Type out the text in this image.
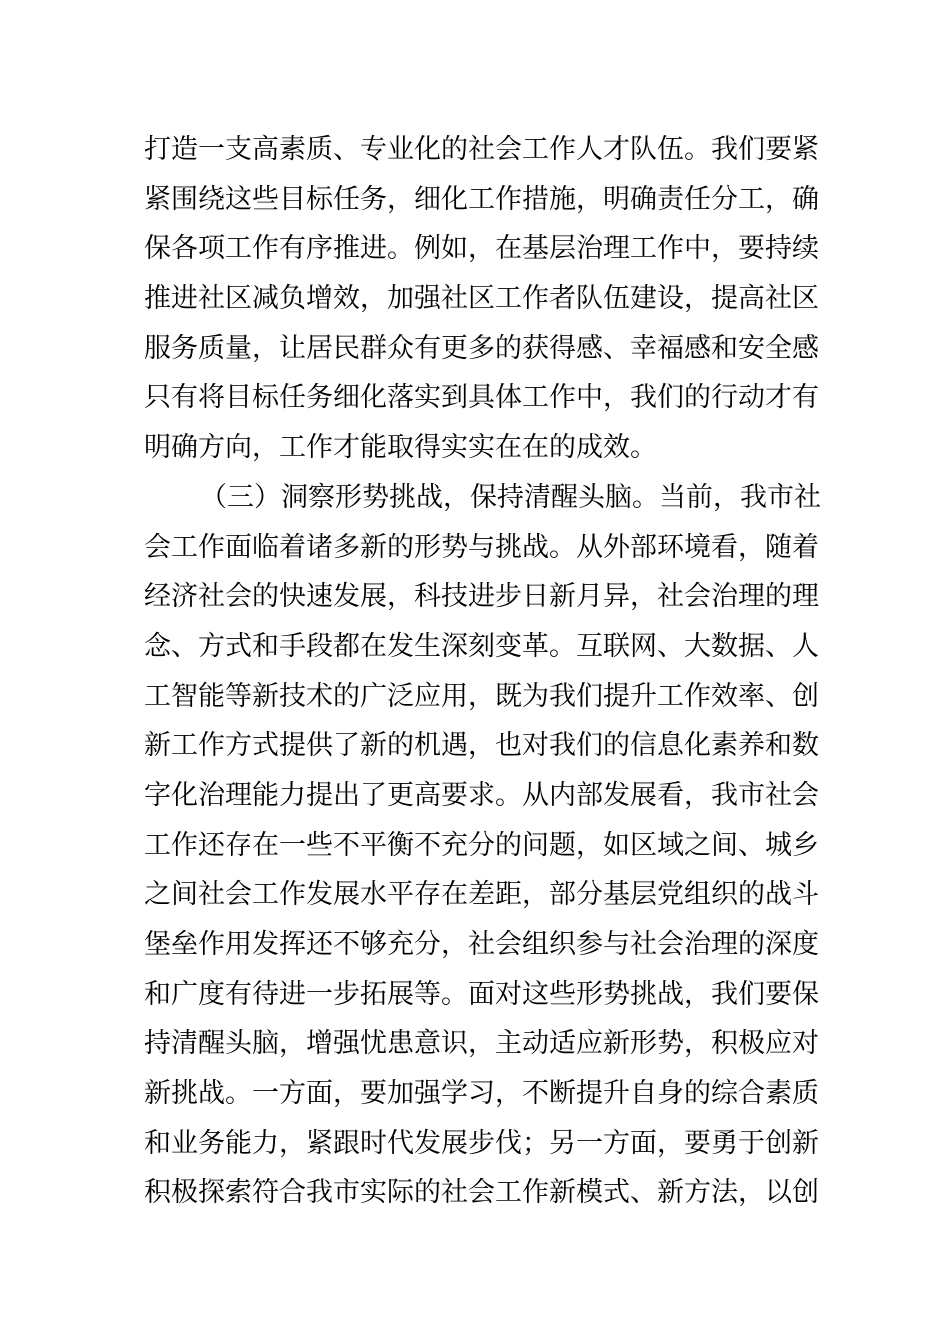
打造一支高素质、专业化的社会工作人才队伍。我们要紧
紧围绕这些目标任务，细化工作措施，明确责任分工，确
保各项工作有序推进。例如，在基层治理工作中，要持续
推进社区减负增效，加强社区工作者队伍建设，提高社区
服务质量，让居民群众有更多的获得感、幸福感和安全感
只有将目标任务细化落实到具体工作中，我们的行动才有
明确方向，工作才能取得实实在在的成效。
（三）洞察形势挑战，保持清醒头脑。当前，我市社
会工作面临着诸多新的形势与挑战。从外部环境看，随着
经济社会的快速发展，科技进步日新月异，社会治理的理
念、方式和手段都在发生深刻变革。互联网、大数据、人
工智能等新技术的广泛应用，既为我们提升工作效率、创
新工作方式提供了新的机遇，也对我们的信息化素养和数
字化治理能力提出了更高要求。从内部发展看，我市社会
工作还存在一些不平衡不充分的问题，如区域之间、城乡
之间社会工作发展水平存在差距，部分基层党组织的战斗
堡垒作用发挥还不够充分，社会组织参与社会治理的深度
和广度有待进一步拓展等。面对这些形势挑战，我们要保
持清醒头脑，增强忧患意识，主动适应新形势，积极应对
新挑战。一方面，要加强学习，不断提升自身的综合素质
和业务能力，紧跟时代发展步伐；另一方面，要勇于创新
积极探索符合我市实际的社会工作新模式、新方法，以创
